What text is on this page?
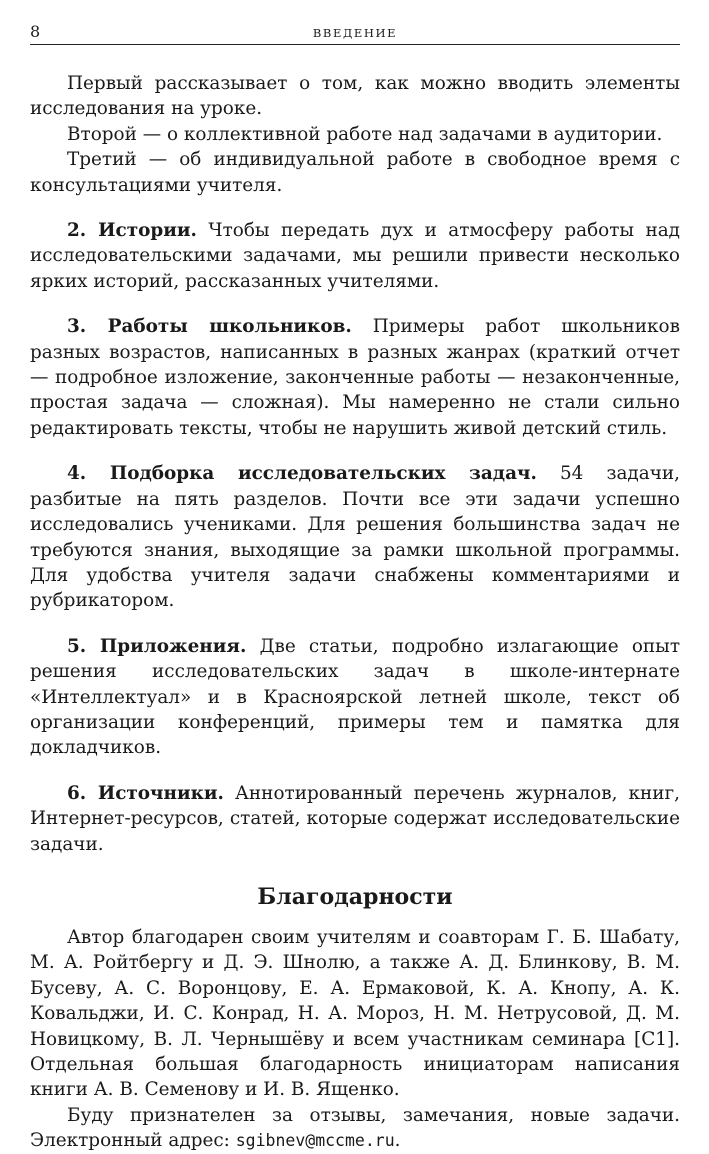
8	ВВЕДЕНИЕ

Первый рассказывает о том, как можно вводить элементы исследования на уроке.

Второй — о коллективной работе над задачами в аудитории.

Третий — об индивидуальной работе в свободное время с консультациями учителя.

2. Истории. Чтобы передать дух и атмосферу работы над исследовательскими задачами, мы решили привести несколько ярких историй, рассказанных учителями.

3. Работы школьников. Примеры работ школьников разных возрастов, написанных в разных жанрах (краткий отчет — подробное изложение, законченные работы — незаконченные, простая задача — сложная). Мы намеренно не стали сильно редактировать тексты, чтобы не нарушить живой детский стиль.

4. Подборка исследовательских задач. 54 задачи, разбитые на пять разделов. Почти все эти задачи успешно исследовались учениками. Для решения большинства задач не требуются знания, выходящие за рамки школьной программы. Для удобства учителя задачи снабжены комментариями и рубрикатором.

5. Приложения. Две статьи, подробно излагающие опыт решения исследовательских задач в школе-интернате «Интеллектуал» и в Красноярской летней школе, текст об организации конференций, примеры тем и памятка для докладчиков.

6. Источники. Аннотированный перечень журналов, книг, Интернет-ресурсов, статей, которые содержат исследовательские задачи.

Благодарности

Автор благодарен своим учителям и соавторам Г. Б. Шабату, М. А. Ройтбергу и Д. Э. Шнолю, а также А. Д. Блинкову, В. М. Бусеву, А. С. Воронцову, Е. А. Ермаковой, К. А. Кнопу, А. К. Ковальджи, И. С. Конрад, Н. А. Мороз, Н. М. Нетрусовой, Д. М. Новицкому, В. Л. Чернышёву и всем участникам семинара [С1]. Отдельная большая благодарность инициаторам написания книги А. В. Семенову и И. В. Ященко.

Буду признателен за отзывы, замечания, новые задачи. Электронный адрес: sgibnev@mccme.ru.
